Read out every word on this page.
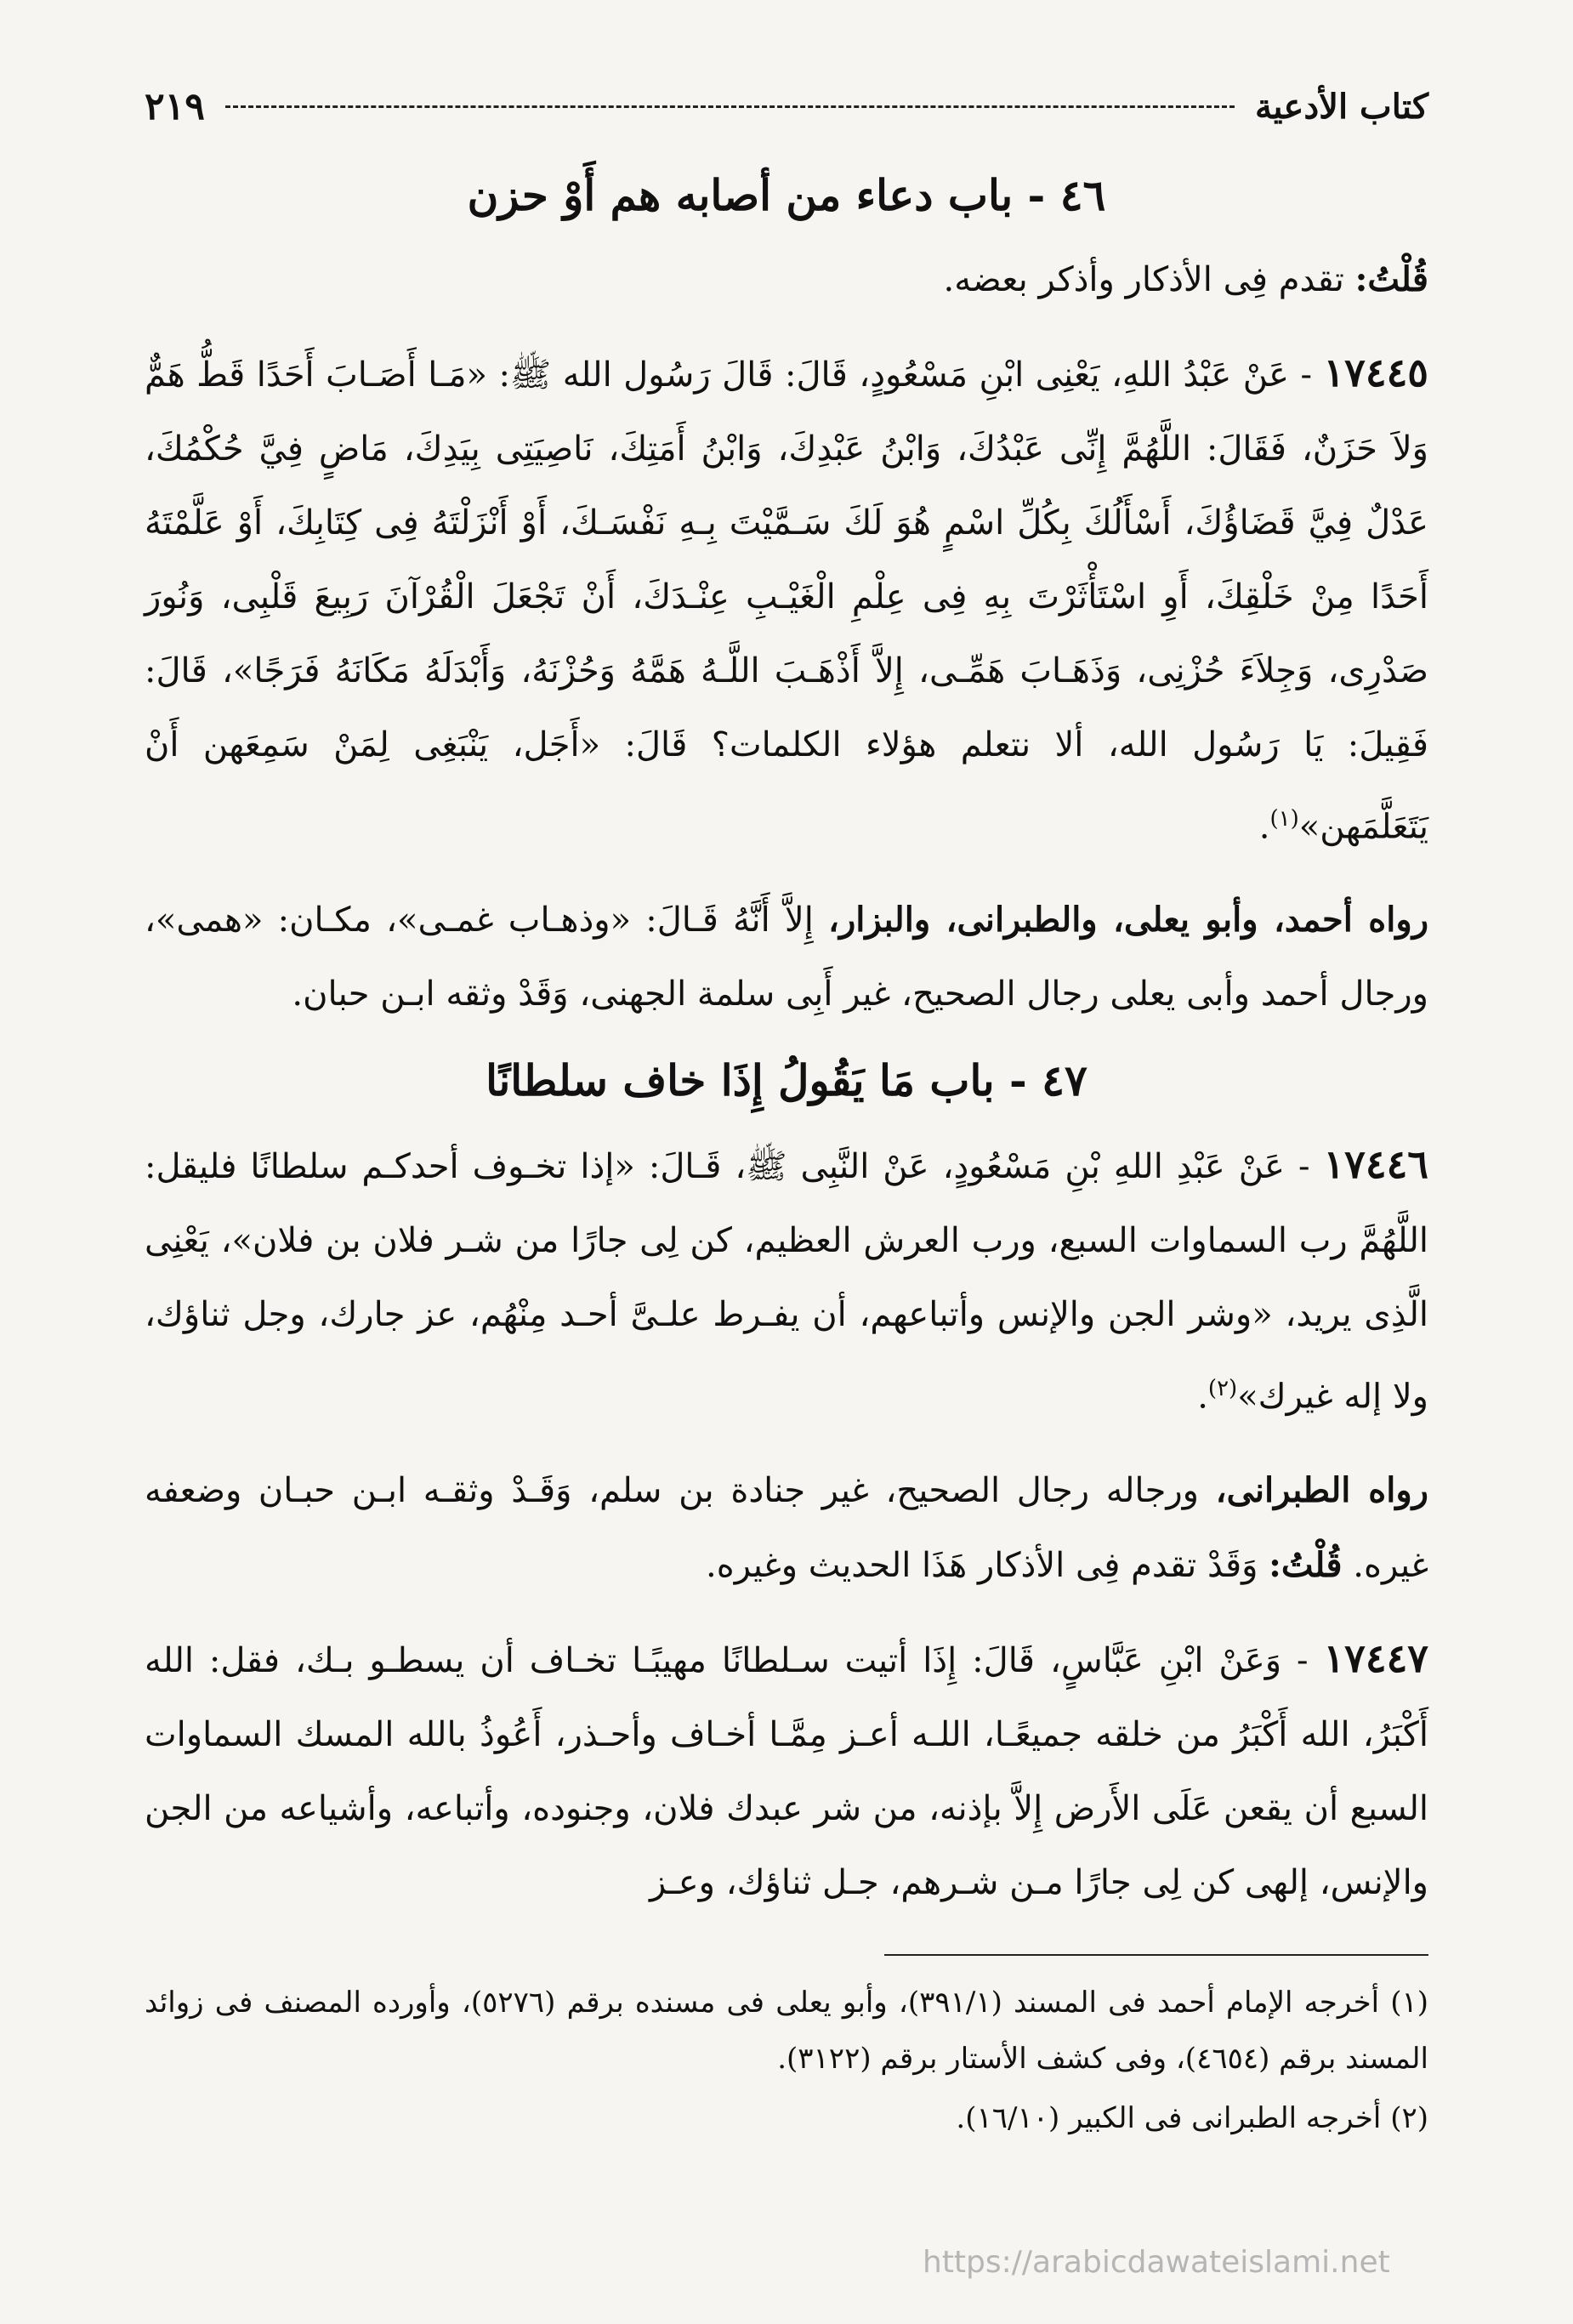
كتاب الأدعية
٢١٩
٤٦ - باب دعاء من أصابه هم أَوْ حزن

قُلْتُ: تقدم فِى الأذكار وأذكر بعضه.

١٧٤٤٥ - عَنْ عَبْدُ اللهِ، يَعْنِى ابْنِ مَسْعُودٍ، قَالَ: قَالَ رَسُول الله ﷺ: «مَـا أَصَـابَ أَحَدًا قَطُّ هَمٌّ وَلاَ حَزَنٌ، فَقَالَ: اللَّهُمَّ إِنِّى عَبْدُكَ، وَابْنُ عَبْدِكَ، وَابْنُ أَمَتِكَ، نَاصِيَتِى بِيَدِكَ، مَاضٍ فِيَّ حُكْمُكَ، عَدْلٌ فِيَّ قَضَاؤُكَ، أَسْأَلُكَ بِكُلِّ اسْمٍ هُوَ لَكَ سَـمَّيْتَ بِـهِ نَفْسَـكَ، أَوْ أَنْزَلْتَهُ فِى كِتَابِكَ، أَوْ عَلَّمْتَهُ أَحَدًا مِنْ خَلْقِكَ، أَوِ اسْتَأْثَرْتَ بِهِ فِى عِلْمِ الْغَيْـبِ عِنْـدَكَ، أَنْ تَجْعَلَ الْقُرْآنَ رَبِيعَ قَلْبِى، وَنُورَ صَدْرِى، وَجِلاَءَ حُزْنِى، وَذَهَـابَ هَمِّـى، إِلاَّ أَذْهَـبَ اللَّـهُ هَمَّهُ وَحُزْنَهُ، وَأَبْدَلَهُ مَكَانَهُ فَرَجًا»، قَالَ: فَقِيلَ: يَا رَسُول الله، ألا نتعلم هؤلاء الكلمات؟ قَالَ: «أَجَل، يَنْبَغِى لِمَنْ سَمِعَهن أَنْ يَتَعَلَّمَهن»$^{(١)}$.

رواه أحمد، وأبو يعلى، والطبرانى، والبزار، إِلاَّ أَنَّهُ قَـالَ: «وذهـاب غمـى»، مكـان: «همى»، ورجال أحمد وأبى يعلى رجال الصحيح، غير أَبِى سلمة الجهنى، وَقَدْ وثقه ابـن حبان.

٤٧ - باب مَا يَقُولُ إِذَا خاف سلطانًا

١٧٤٤٦ - عَنْ عَبْدِ اللهِ بْنِ مَسْعُودٍ، عَنْ النَّبِى ﷺ، قَـالَ: «إذا تخـوف أحدكـم سلطانًا فليقل: اللَّهُمَّ رب السماوات السبع، ورب العرش العظيم، كن لِى جارًا من شـر فلان بن فلان»، يَعْنِى الَّذِى يريد، «وشر الجن والإنس وأتباعهم، أن يفـرط علـىَّ أحـد مِنْهُم، عز جارك، وجل ثناؤك، ولا إله غيرك»$^{(٢)}$.

رواه الطبرانى، ورجاله رجال الصحيح، غير جنادة بن سلم، وَقَـدْ وثقـه ابـن حبـان وضعفه غيره. قُلْتُ: وَقَدْ تقدم فِى الأذكار هَذَا الحديث وغيره.

١٧٤٤٧ - وَعَنْ ابْنِ عَبَّاسٍ، قَالَ: إِذَا أتيت سـلطانًا مهيبًـا تخـاف أن يسطـو بـك، فقل: الله أَكْبَرُ، الله أَكْبَرُ من خلقه جميعًـا، اللـه أعـز مِمَّـا أخـاف وأحـذر، أَعُوذُ بالله المسك السماوات السبع أن يقعن عَلَى الأَرض إِلاَّ بإذنه، من شر عبدك فلان، وجنوده، وأتباعه، وأشياعه من الجن والإنس، إلهى كن لِى جارًا مـن شـرهم، جـل ثناؤك، وعـز

(١) أخرجه الإمام أحمد فى المسند (٣٩١/١)، وأبو يعلى فى مسنده برقم (٥٢٧٦)، وأورده المصنف فى زوائد المسند برقم (٤٦٥٤)، وفى كشف الأستار برقم (٣١٢٢).

(٢) أخرجه الطبرانى فى الكبير (١٦/١٠).

https://arabicdawateislami.net
